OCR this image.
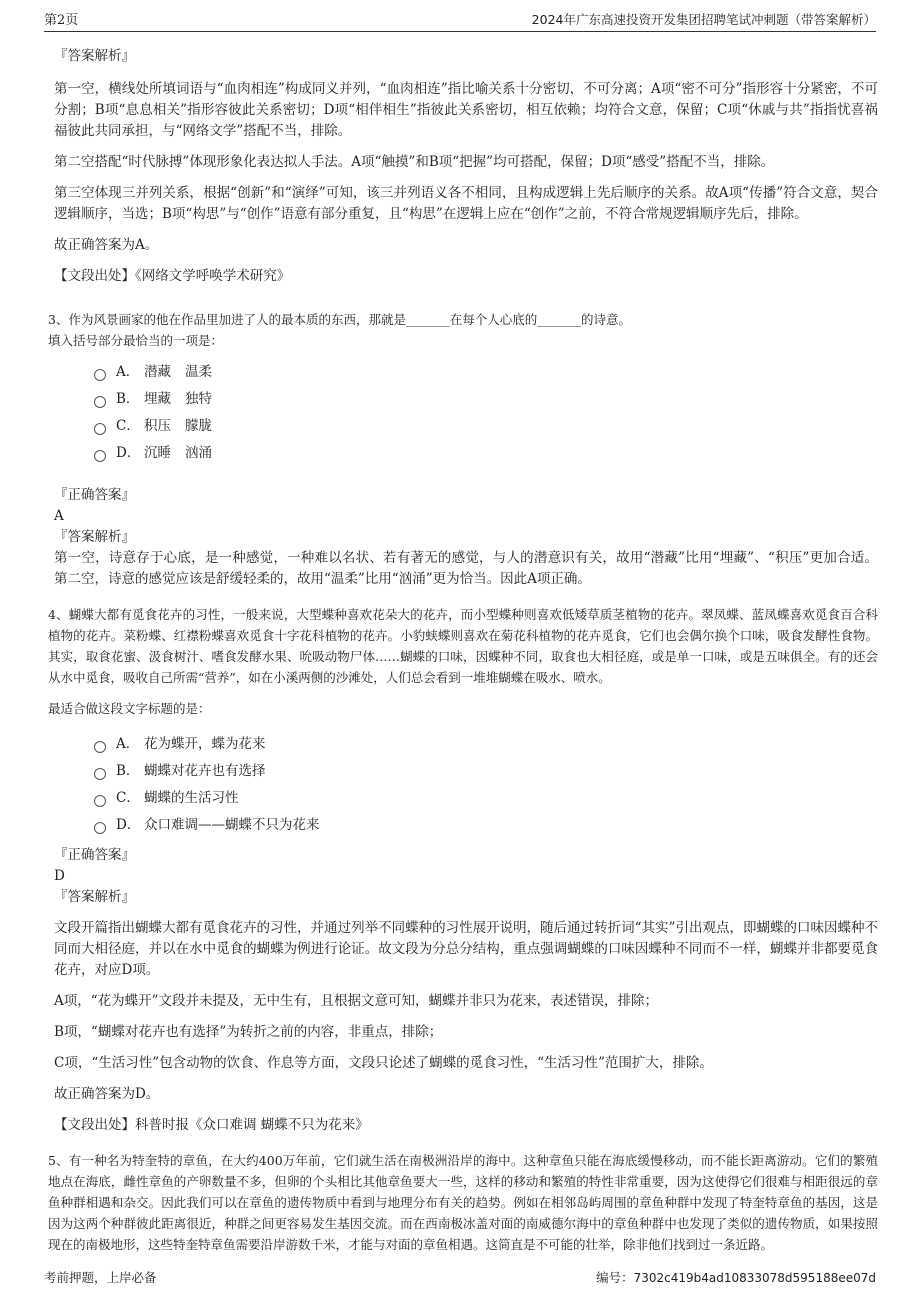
第2页	2024年广东高速投资开发集团招聘笔试冲刺题（带答案解析）
『答案解析』
第一空，横线处所填词语与“血肉相连”构成同义并列，“血肉相连”指比喻关系十分密切，不可分离；A项“密不可分”指形容十分紧密，不可分割；B项“息息相关”指形容彼此关系密切；D项“相伴相生”指彼此关系密切，相互依赖；均符合文意，保留；C项“休戚与共”指指忧喜祸福彼此共同承担，与“网络文学”搭配不当，排除。
第二空搭配“时代脉搏”体现形象化表达拟人手法。A项“触摸”和B项“把握”均可搭配，保留；D项“感受”搭配不当，排除。
第三空体现三并列关系，根据“创新”和“演绎”可知，该三并列语义各不相同，且构成逻辑上先后顺序的关系。故A项“传播”符合文意，契合逻辑顺序，当选；B项“构思”与“创作”语意有部分重复，且“构思”在逻辑上应在“创作”之前，不符合常规逻辑顺序先后，排除。
故正确答案为A。
【文段出处】《网络文学呼唤学术研究》
3、作为风景画家的他在作品里加进了人的最本质的东西，那就是_______在每个人心底的_______的诗意。
填入括号部分最恰当的一项是：
A． 潜藏 温柔
B． 埋藏 独特
C． 积压 朦胧
D． 沉睡 汹涌
『正确答案』
A
『答案解析』
第一空，诗意存于心底，是一种感觉，一种难以名状、若有著无的感觉，与人的潜意识有关，故用“潜藏”比用“埋藏”、“积压”更加合适。第二空，诗意的感觉应该是舒缓轻柔的，故用“温柔”比用“汹涌”更为恰当。因此A项正确。
4、蝴蝶大都有觅食花卉的习性，一般来说，大型蝶种喜欢花朵大的花卉，而小型蝶种则喜欢低矮草质茎植物的花卉。翠凤蝶、蓝凤蝶喜欢觅食百合科植物的花卉。菜粉蝶、红襟粉蝶喜欢觅食十字花科植物的花卉。小豹蛱蝶则喜欢在菊花科植物的花卉觅食，它们也会偶尔换个口味，吸食发酵性食物。其实，取食花蜜、汲食树汁、嗜食发酵水果、吮吸动物尸体……蝴蝶的口味，因蝶种不同，取食也大相径庭，或是单一口味，或是五味俱全。有的还会从水中觅食，吸收自己所需“营养”，如在小溪两侧的沙滩处，人们总会看到一堆堆蝴蝶在吸水、喷水。
最适合做这段文字标题的是：
A． 花为蝶开，蝶为花来
B． 蝴蝶对花卉也有选择
C． 蝴蝶的生活习性
D． 众口难调——蝴蝶不只为花来
『正确答案』
D
『答案解析』
文段开篇指出蝴蝶大都有觅食花卉的习性，并通过列举不同蝶种的习性展开说明，随后通过转折词“其实”引出观点，即蝴蝶的口味因蝶种不同而大相径庭，并以在水中觅食的蝴蝶为例进行论证。故文段为分总分结构，重点强调蝴蝶的口味因蝶种不同而不一样，蝴蝶并非都要觅食花卉，对应D项。
A项，“花为蝶开”文段并未提及，无中生有，且根据文意可知，蝴蝶并非只为花来，表述错误，排除；
B项，“蝴蝶对花卉也有选择”为转折之前的内容，非重点，排除；
C项，“生活习性”包含动物的饮食、作息等方面，文段只论述了蝴蝶的觅食习性，“生活习性”范围扩大，排除。
故正确答案为D。
【文段出处】科普时报《众口难调 蝴蝶不只为花来》
5、有一种名为特奎特的章鱼，在大约400万年前，它们就生活在南极洲沿岸的海中。这种章鱼只能在海底缓慢移动，而不能长距离游动。它们的繁殖地点在海底，雌性章鱼的产卵数量不多，但卵的个头相比其他章鱼要大一些，这样的移动和繁殖的特性非常重要，因为这使得它们很难与相距很远的章鱼种群相遇和杂交。因此我们可以在章鱼的遗传物质中看到与地理分布有关的趋势。例如在相邻岛屿周围的章鱼种群中发现了特奎特章鱼的基因，这是因为这两个种群彼此距离很近，种群之间更容易发生基因交流。而在西南极冰盖对面的南威德尔海中的章鱼种群中也发现了类似的遗传物质，如果按照现在的南极地形，这些特奎特章鱼需要沿岸游数千米，才能与对面的章鱼相遇。这简直是不可能的壮举，除非他们找到过一条近路。
考前押题，上岸必备	编号：7302c419b4ad10833078d595188ee07d
